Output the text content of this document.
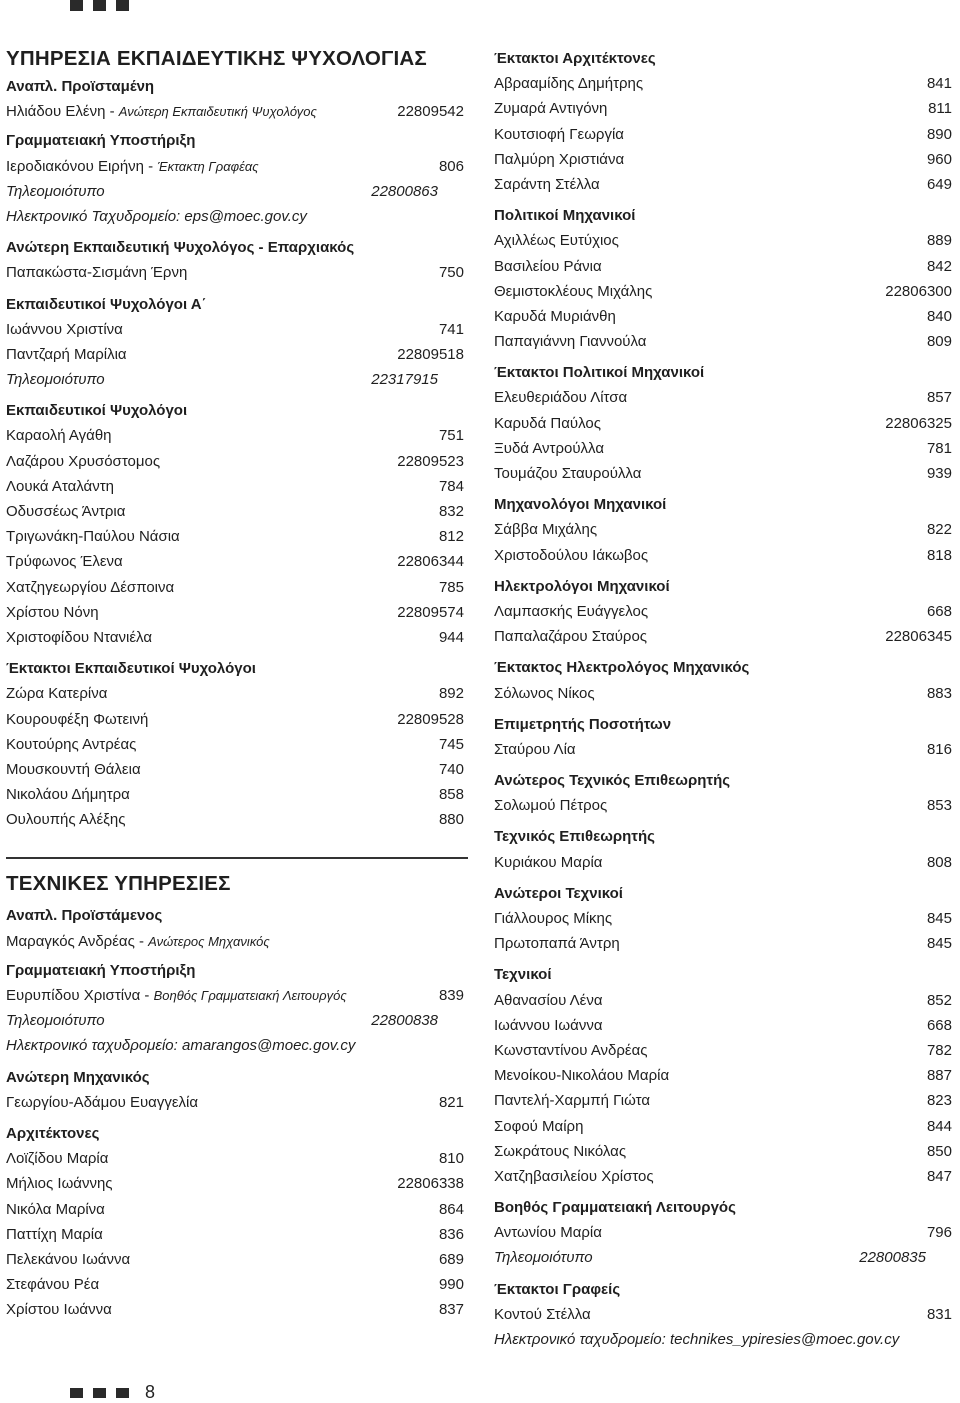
ΥΠΗΡΕΣΙΑ ΕΚΠΑΙΔΕΥΤΙΚΗΣ ΨΥΧΟΛΟΓΙΑΣ
Αναπλ. Προϊσταμένη
Ηλιάδου Ελένη - Ανώτερη Εκπαιδευτική Ψυχολόγος	22809542
Γραμματειακή Υποστήριξη
Ιεροδιακόνου Ειρήνη - Έκτακτη Γραφέας	806
Τηλεομοιότυπο	22800863
Ηλεκτρονικό Ταχυδρομείο: eps@moec.gov.cy
Ανώτερη Εκπαιδευτική Ψυχολόγος - Επαρχιακός
Παπακώστα-Σισμάνη Έρνη	750
Εκπαιδευτικοί Ψυχολόγοι Α΄
Ιωάννου Χριστίνα	741
Παντζαρή Μαρίλια	22809518
Τηλεομοιότυπο	22317915
Εκπαιδευτικοί Ψυχολόγοι
Καραολή Αγάθη	751
Λαζάρου Χρυσόστομος	22809523
Λουκά Αταλάντη	784
Οδυσσέως Άντρια	832
Τριγωνάκη-Παύλου Νάσια	812
Τρύφωνος Έλενα	22806344
Χατζηγεωργίου Δέσποινα	785
Χρίστου Νόνη	22809574
Χριστοφίδου Ντανιέλα	944
Έκτακτοι Εκπαιδευτικοί Ψυχολόγοι
Ζώρα Κατερίνα	892
Κουρουφέξη Φωτεινή	22809528
Κουτούρης Αντρέας	745
Μουσκουντή Θάλεια	740
Νικολάου Δήμητρα	858
Ουλουπής Αλέξης	880
ΤΕΧΝΙΚΕΣ ΥΠΗΡΕΣΙΕΣ
Αναπλ. Προϊστάμενος
Μαραγκός Ανδρέας - Ανώτερος Μηχανικός
Γραμματειακή Υποστήριξη
Ευρυπίδου Χριστίνα - Βοηθός Γραμματειακή Λειτουργός	839
Τηλεομοιότυπο	22800838
Ηλεκτρονικό ταχυδρομείο: amarangos@moec.gov.cy
Ανώτερη Μηχανικός
Γεωργίου-Αδάμου Ευαγγελία	821
Αρχιτέκτονες
Λοϊζίδου Μαρία	810
Μήλιος Ιωάννης	22806338
Νικόλα Μαρίνα	864
Παττίχη Μαρία	836
Πελεκάνου Ιωάννα	689
Στεφάνου Ρέα	990
Χρίστου Ιωάννα	837
Έκτακτοι Αρχιτέκτονες
Αβρααμίδης Δημήτρης	841
Ζυμαρά Αντιγόνη	811
Κουτσιοφή Γεωργία	890
Παλμύρη Χριστιάνα	960
Σαράντη Στέλλα	649
Πολιτικοί Μηχανικοί
Αχιλλέως Ευτύχιος	889
Βασιλείου Ράνια	842
Θεμιστοκλέους Μιχάλης	22806300
Καρυδά Μυριάνθη	840
Παπαγιάννη Γιαννούλα	809
Έκτακτοι Πολιτικοί Μηχανικοί
Ελευθεριάδου Λίτσα	857
Καρυδά Παύλος	22806325
Ξυδά Αντρούλλα	781
Τουμάζου Σταυρούλλα	939
Μηχανολόγοι Μηχανικοί
Σάββα Μιχάλης	822
Χριστοδούλου Ιάκωβος	818
Ηλεκτρολόγοι Μηχανικοί
Λαμπασκής Ευάγγελος	668
Παπαλαζάρου Σταύρος	22806345
Έκτακτος Ηλεκτρολόγος Μηχανικός
Σόλωνος Νίκος	883
Επιμετρητής Ποσοτήτων
Σταύρου Λία	816
Ανώτερος Τεχνικός Επιθεωρητής
Σολωμού Πέτρος	853
Τεχνικός Επιθεωρητής
Κυριάκου Μαρία	808
Ανώτεροι Τεχνικοί
Γιάλλουρος Μίκης	845
Πρωτοπαπά Άντρη	845
Τεχνικοί
Αθανασίου Λένα	852
Ιωάννου Ιωάννα	668
Κωνσταντίνου Ανδρέας	782
Μενοίκου-Νικολάου Μαρία	887
Παντελή-Χαρμπή Γιώτα	823
Σοφού Μαίρη	844
Σωκράτους Νικόλας	850
Χατζηβασιλείου Χρίστος	847
Βοηθός Γραμματειακή Λειτουργός
Αντωνίου Μαρία	796
Τηλεομοιότυπο	22800835
Έκτακτοι Γραφείς
Κοντού Στέλλα	831
Ηλεκτρονικό ταχυδρομείο: technikes_ypiresies@moec.gov.cy
8
